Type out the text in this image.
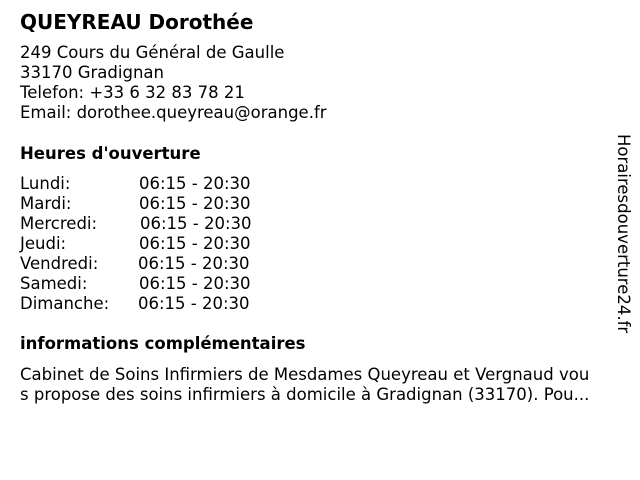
QUEYREAU Dorothée
249 Cours du Général de Gaulle
33170 Gradignan
Telefon: +33 6 32 83 78 21
Email: dorothee.queyreau@orange.fr
Heures d'ouverture
Lundi:	06:15 - 20:30
Mardi:	06:15 - 20:30
Mercredi:	06:15 - 20:30
Jeudi:	06:15 - 20:30
Vendredi: 06:15 - 20:30
Samedi:	06:15 - 20:30
Dimanche: 06:15 - 20:30
informations complémentaires
Cabinet de Soins Infirmiers de Mesdames Queyreau et Vergnaud vou
s propose des soins infirmiers à domicile à Gradignan (33170). Pou...
Horairesdouverture24.fr
